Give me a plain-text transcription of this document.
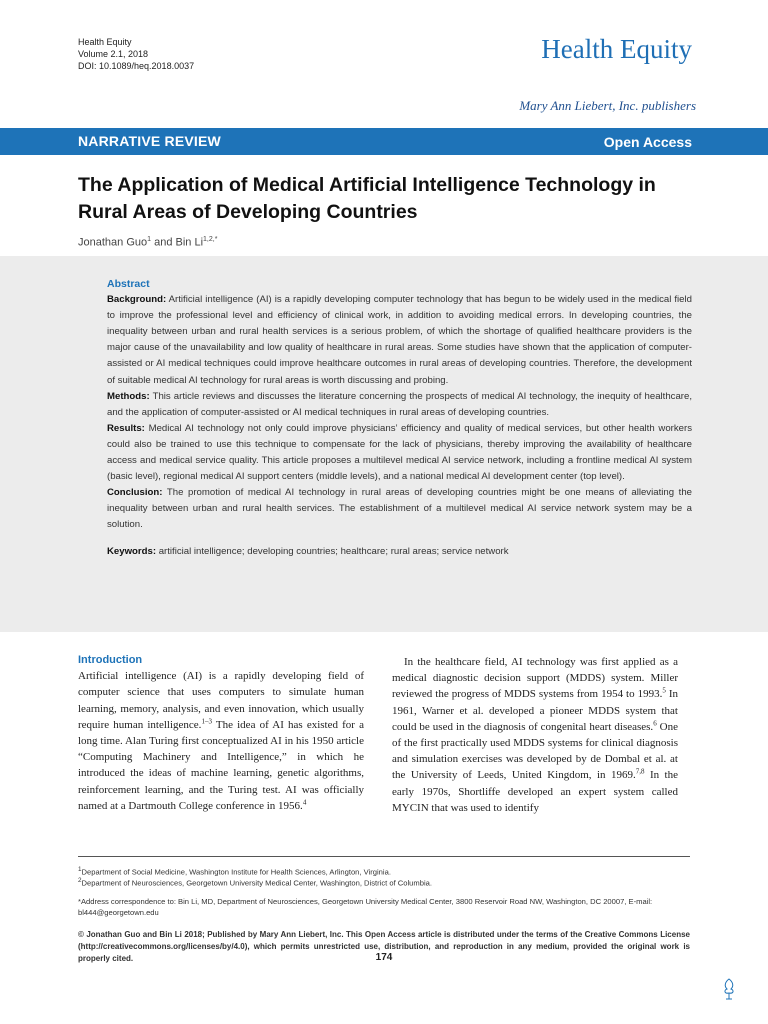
Health Equity
Volume 2.1, 2018
DOI: 10.1089/heq.2018.0037
Health Equity
Mary Ann Liebert, Inc. publishers
NARRATIVE REVIEW	Open Access
The Application of Medical Artificial Intelligence Technology in Rural Areas of Developing Countries
Jonathan Guo$^1$ and Bin $Li^{1,2,*}$

Abstract

Background: Artificial intelligence (AI) is a rapidly developing computer technology that has begun to be widely used in the medical field to improve the professional level and efficiency of clinical work, in addition to avoiding medical errors. In developing countries, the inequality between urban and rural health services is a serious problem, of which the shortage of qualified healthcare providers is the major cause of the unavailability and low quality of healthcare in rural areas. Some studies have shown that the application of computer-assisted or AI medical techniques could improve healthcare outcomes in rural areas of developing countries. Therefore, the development of suitable medical AI technology for rural areas is worth discussing and probing.

Methods: This article reviews and discusses the literature concerning the prospects of medical AI technology, the inequity of healthcare, and the application of computer-assisted or AI medical techniques in rural areas of developing countries.

Results: Medical AI technology not only could improve physicians’ efficiency and quality of medical services, but other health workers could also be trained to use this technique to compensate for the lack of physicians, thereby improving the availability of healthcare access and medical service quality. This article proposes a multilevel medical AI service network, including a frontline medical AI system (basic level), regional medical AI support centers (middle levels), and a national medical AI development center (top level).

Conclusion: The promotion of medical AI technology in rural areas of developing countries might be one means of alleviating the inequality between urban and rural health services. The establishment of a multilevel medical AI service network system may be a solution.

Keywords: artificial intelligence; developing countries; healthcare; rural areas; service network

Introduction

Artificial intelligence (AI) is a rapidly developing field of computer science that uses computers to simulate human learning, memory, analysis, and even innovation, which usually require human intelligence.$^{1-3}$ The idea of AI has existed for a long time. Alan Turing first conceptualized AI in his 1950 article “Computing Machinery and Intelligence,” in which he introduced the ideas of machine learning, genetic algorithms, reinforcement learning, and the Turing test. AI was officially named at a Dartmouth College conference in 1956.$^4$

In the healthcare field, AI technology was first applied as a medical diagnostic decision support (MDDS) system. Miller reviewed the progress of MDDS systems from 1954 to 1993.$^5$ In 1961, Warner et al. developed a pioneer MDDS system that could be used in the diagnosis of congenital heart diseases.$^6$ One of the first practically used MDDS systems for clinical diagnosis and simulation exercises was developed by de Dombal et al. at the University of Leeds, United Kingdom, in 1969.$^{7,8}$ In the early 1970s, Shortliffe developed an expert system called MYCIN that was used to identify

$^1$Department of Social Medicine, Washington Institute for Health Sciences, Arlington, Virginia.
$^2$Department of Neurosciences, Georgetown University Medical Center, Washington, District of Columbia.
*Address correspondence to: Bin Li, MD, Department of Neurosciences, Georgetown University Medical Center, 3800 Reservoir Road NW, Washington, DC 20007, E-mail: bl444@georgetown.edu
© Jonathan Guo and Bin Li 2018; Published by Mary Ann Liebert, Inc. This Open Access article is distributed under the terms of the Creative Commons License (http://creativecommons.org/licenses/by/4.0), which permits unrestricted use, distribution, and reproduction in any medium, provided the original work is properly cited.	174
